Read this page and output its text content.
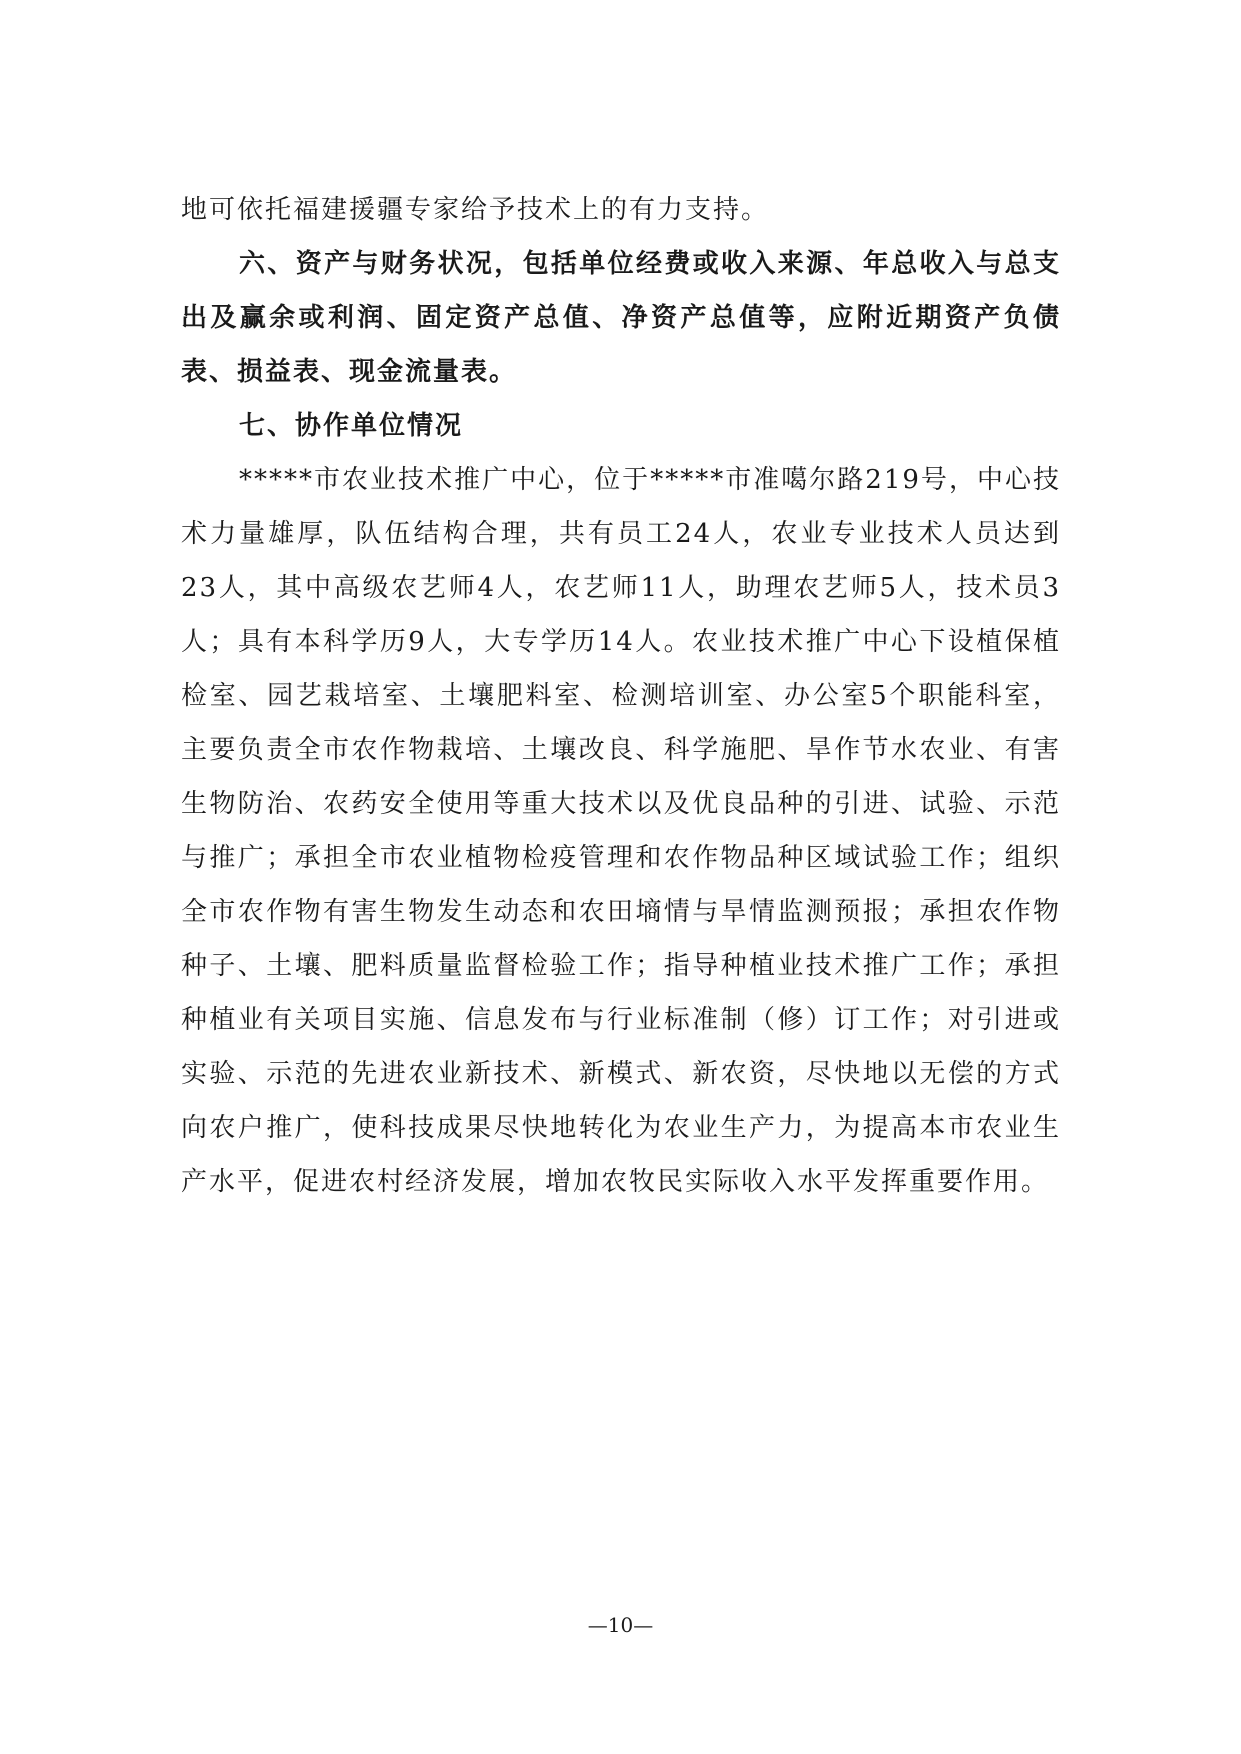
地可依托福建援疆专家给予技术上的有力支持。

六、资产与财务状况，包括单位经费或收入来源、年总收入与总支出及赢余或利润、固定资产总值、净资产总值等，应附近期资产负债表、损益表、现金流量表。

七、协作单位情况

*****市农业技术推广中心，位于*****市准噶尔路219号，中心技术力量雄厚，队伍结构合理，共有员工24人，农业专业技术人员达到23人，其中高级农艺师4人，农艺师11人，助理农艺师5人，技术员3人；具有本科学历9人，大专学历14人。农业技术推广中心下设植保植检室、园艺栽培室、土壤肥料室、检测培训室、办公室5个职能科室，主要负责全市农作物栽培、土壤改良、科学施肥、旱作节水农业、有害生物防治、农药安全使用等重大技术以及优良品种的引进、试验、示范与推广；承担全市农业植物检疫管理和农作物品种区域试验工作；组织全市农作物有害生物发生动态和农田墒情与旱情监测预报；承担农作物种子、土壤、肥料质量监督检验工作；指导种植业技术推广工作；承担种植业有关项目实施、信息发布与行业标准制（修）订工作；对引进或实验、示范的先进农业新技术、新模式、新农资，尽快地以无偿的方式向农户推广，使科技成果尽快地转化为农业生产力，为提高本市农业生产水平，促进农村经济发展，增加农牧民实际收入水平发挥重要作用。

—10—
